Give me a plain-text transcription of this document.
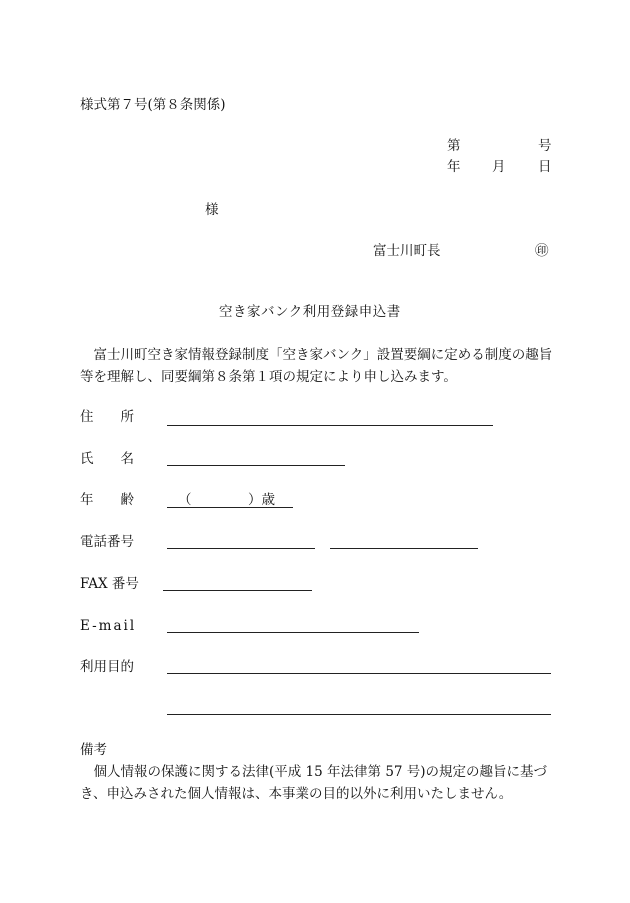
様式第７号(第８条関係)
第	号
年 月 日
様
富士川町長	㊞
空き家バンク利用登録申込書
　富士川町空き家情報登録制度「空き家バンク」設置要綱に定める制度の趣旨等を理解し、同要綱第８条第１項の規定により申し込みます。
住　　所
氏　　名
年　　齢	（	）歳
電話番号
FAX 番号
E-mail
利用目的
備考
　個人情報の保護に関する法律(平成 15 年法律第 57 号)の規定の趣旨に基づき、申込みされた個人情報は、本事業の目的以外に利用いたしません。
